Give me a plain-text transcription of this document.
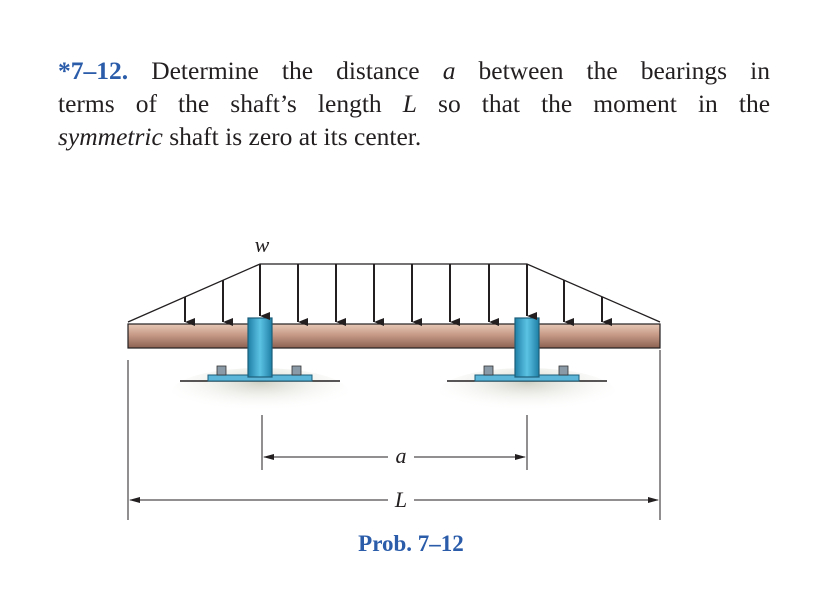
*7–12. Determine the distance a between the bearings in
terms of the shaft’s length L so that the moment in the
symmetric shaft is zero at its center.
w
a
L
Prob. 7–12
